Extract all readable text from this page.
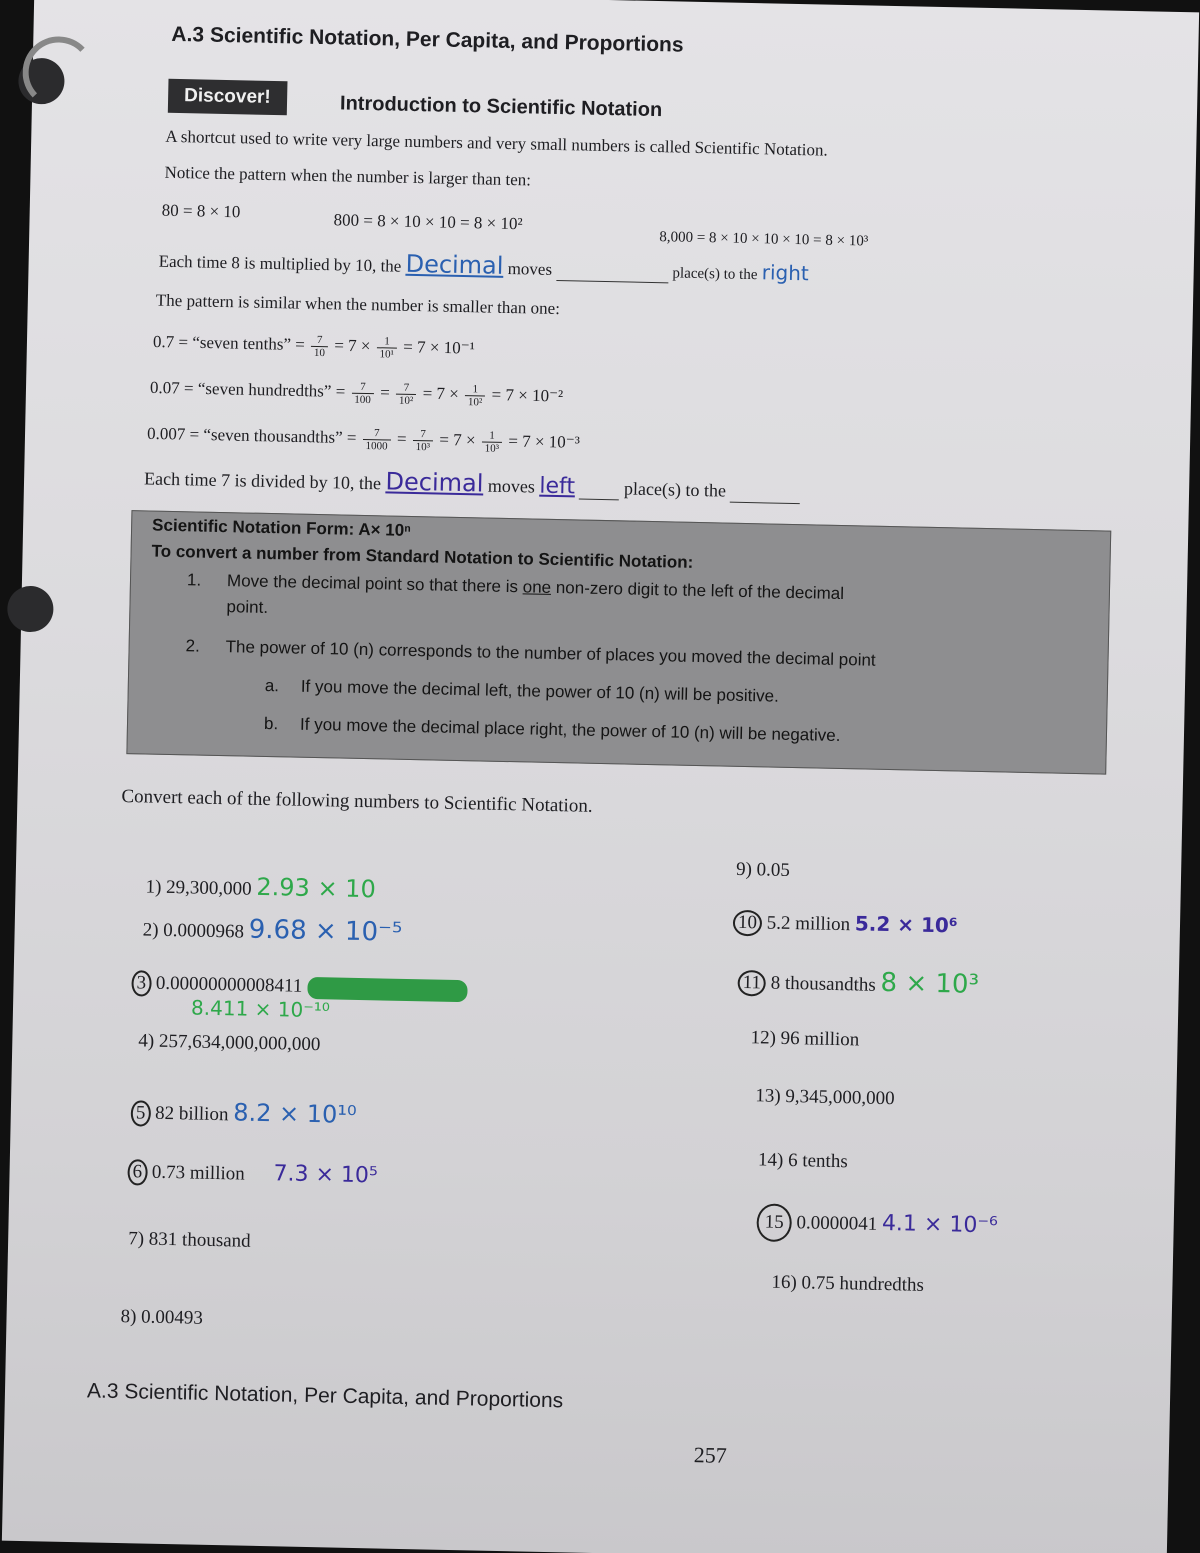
A.3 Scientific Notation, Per Capita, and Proportions
Discover!	Introduction to Scientific Notation
A shortcut used to write very large numbers and very small numbers is called Scientific Notation.
Notice the pattern when the number is larger than ten:
80 = 8 × 10	800 = 8 × 10 × 10 = 8 × 10²
8,000 = 8 × 10 × 10 × 10 = 8 × 10³
Each time 8 is multiplied by 10, the Decimal moves	place(s) to the right
The pattern is similar when the number is smaller than one:
0.7 = “seven tenths” = $\frac{7}{10} = 7 \times \frac{1}{\text{10¹}} = 7 \times 10^{-1}$
0.07 = “seven hundredths” = $\frac{7}{100} = \frac{7}{\text{10²}} = 7 \times \frac{1}{\text{10²}} = 7 \times 10^{-2}$
0.007 = “seven thousandths” = $\frac{7}{1000} = \frac{7}{\text{10³}} = 7 \times \frac{1}{\text{10³}} = 7 \times 10^{-3}$
Each time 7 is divided by 10, the Decimal moves left	place(s) to the
Scientific Notation Form: A× 10ⁿ
To convert a number from Standard Notation to Scientific Notation:
1. Move the decimal point so that there is one non-zero digit to the left of the decimal
point.
2. The power of 10 (n) corresponds to the number of places you moved the decimal point
a. If you move the decimal left, the power of 10 (n) will be positive.
b. If you move the decimal place right, the power of 10 (n) will be negative.
Convert each of the following numbers to Scientific Notation.
1) 29,300,000 2.93 × 10
2) 0.0000968 9.68 × 10⁻⁵
3 0.00000000008411
8.411 × 10⁻¹⁰
4) 257,634,000,000,000
5 82 billion 8.2 × 10¹⁰
6 0.73 million 7.3 × 10⁵
7) 831 thousand
8) 0.00493
9) 0.05
10 5.2 million 5.2 × 10⁶
11 8 thousandths 8 × 10³
12) 96 million
13) 9,345,000,000
14) 6 tenths
15 0.0000041 4.1 × 10⁻⁶
16) 0.75 hundredths
A.3 Scientific Notation, Per Capita, and Proportions
257
